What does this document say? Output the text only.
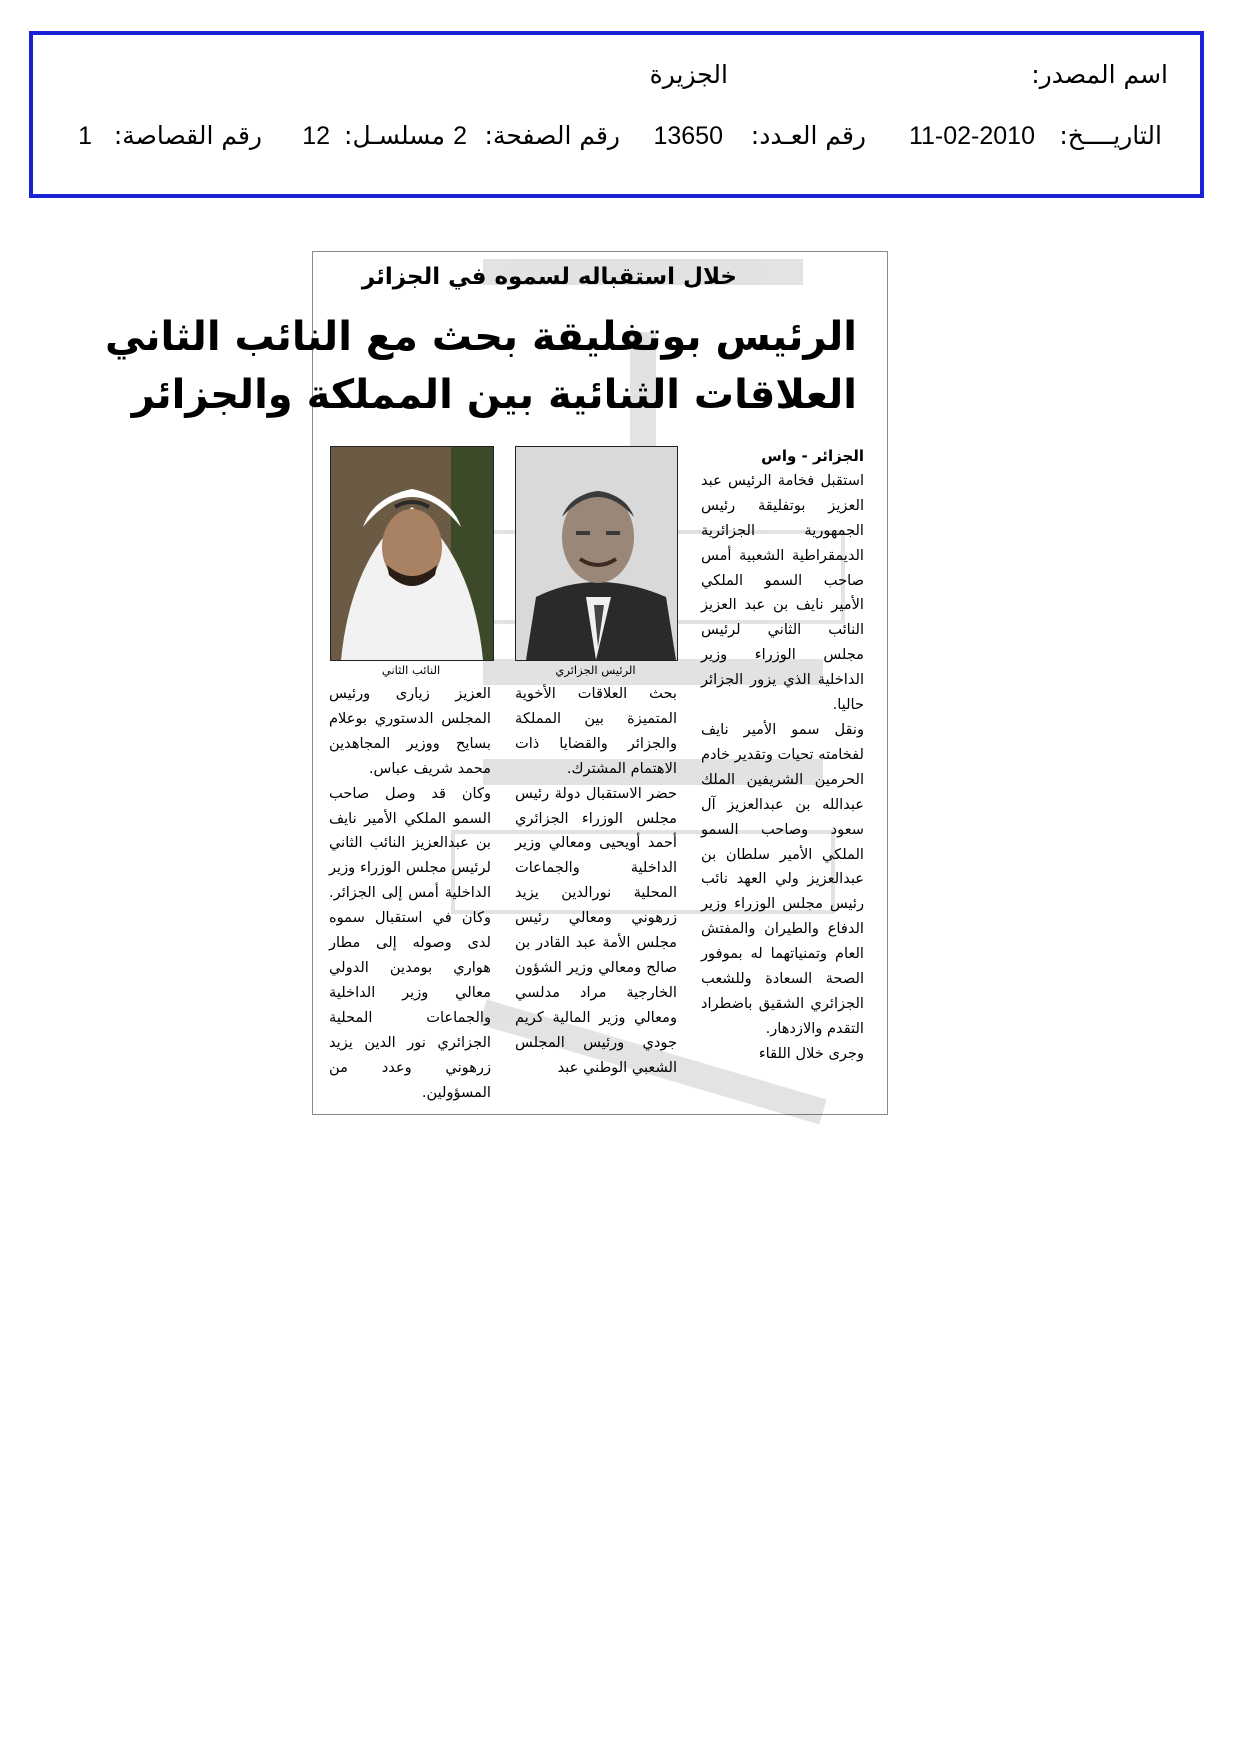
اسم المصدر:
الجزيرة
التاريــــخ:
11-02-2010
رقم العـدد:
13650
رقم الصفحة:
2
مسلسـل:
12
رقم القصاصة:
1
خلال استقباله لسموه في الجزائر
الرئيس بوتفليقة بحث مع النائب الثاني
العلاقات الثنائية بين المملكة والجزائر

الجزائر - واس

استقبل فخامة الرئيس عبد العزيز بوتفليقة رئيس الجمهورية الجزائرية الديمقراطية الشعبية أمس صاحب السمو الملكي الأمير نايف بن عبد العزيز النائب الثاني لرئيس مجلس الوزراء وزير الداخلية الذي يزور الجزائر حاليا.

ونقل سمو الأمير نايف لفخامته تحيات وتقدير خادم الحرمين الشريفين الملك عبدالله بن عبدالعزيز آل سعود وصاحب السمو الملكي الأمير سلطان بن عبدالعزيز ولي العهد نائب رئيس مجلس الوزراء وزير الدفاع والطيران والمفتش العام وتمنياتهما له بموفور الصحة السعادة وللشعب الجزائري الشقيق باضطراد التقدم والازدهار.

وجرى خلال اللقاء

الرئيس الجزائري
النائب الثاني

بحث العلاقات الأخوية المتميزة بين المملكة والجزائر والقضايا ذات الاهتمام المشترك.

حضر الاستقبال دولة رئيس مجلس الوزراء الجزائري أحمد أويحيى ومعالي وزير الداخلية والجماعات المحلية نورالدين يزيد زرهوني ومعالي رئيس مجلس الأمة عبد القادر بن صالح ومعالي وزير الشؤون الخارجية مراد مدلسي ومعالي وزير المالية كريم جودي ورئيس المجلس الشعبي الوطني عبد

العزيز زيارى ورئيس المجلس الدستوري بوعلام بسايح ووزير المجاهدين محمد شريف عباس.

وكان قد وصل صاحب السمو الملكي الأمير نايف بن عبدالعزيز النائب الثاني لرئيس مجلس الوزراء وزير الداخلية أمس إلى الجزائر. وكان في استقبال سموه لدى وصوله إلى مطار هواري بومدين الدولي معالي وزير الداخلية والجماعات المحلية الجزائري نور الدين يزيد زرهوني وعدد من المسؤولين.
